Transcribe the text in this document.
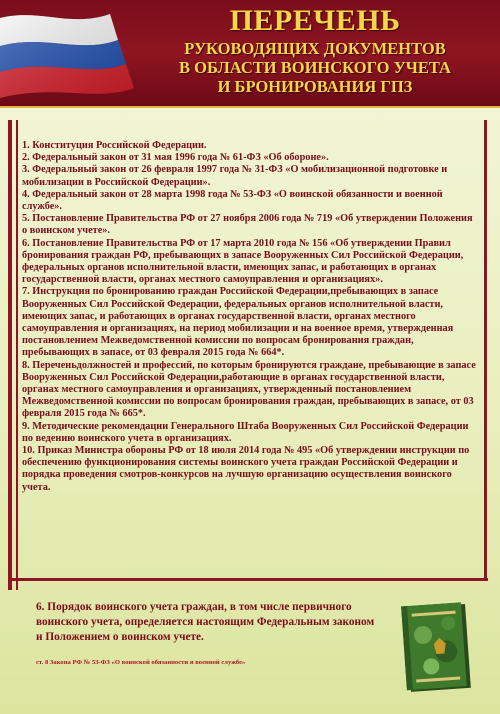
ПЕРЕЧЕНЬ
РУКОВОДЯЩИХ ДОКУМЕНТОВ
В ОБЛАСТИ ВОИНСКОГО УЧЕТА
И БРОНИРОВАНИЯ ГПЗ

1. Конституция Российской Федерации.

2. Федеральный закон от 31 мая 1996 года № 61-ФЗ «Об обороне».

3. Федеральный закон от 26 февраля 1997 года № 31-ФЗ «О мобилизационной подготовке и мобилизации в Российской Федерации».

4. Федеральный закон от 28 марта 1998 года № 53-ФЗ «О воинской обязанности и военной службе».

5. Постановление Правительства РФ от 27 ноября 2006 года № 719 «Об утверждении Положения о воинском учете».

6. Постановление Правительства РФ от 17 марта 2010 года № 156 «Об утверждении Правил бронирования граждан РФ, пребывающих в запасе Вооруженных Сил Российской Федерации, федеральных органов исполнительной власти, имеющих запас, и работающих в органах государственной власти, органах местного самоуправления и организациях».

7. Инструкция по бронированию граждан Российской Федерации,пребывающих в запасе Вооруженных Сил Российской Федерации, федеральных органов исполнительной власти, имеющих запас, и работающих в органах государственной власти, органах местного самоуправления и организациях, на период мобилизации и на военное время, утвержденная постановлением Межведомственной комиссии по вопросам бронирования граждан, пребывающих в запасе, от 03 февраля 2015 года № 664*.

8. Переченьдолжностей и профессий, по которым бронируются граждане, пребывающие в запасе Вооруженных Сил Российской Федерации,работающие в органах государственной власти, органах местного самоуправления и организациях, утвержденный постановлением Межведомственной комиссии по вопросам бронирования граждан, пребывающих в запасе, от 03 февраля 2015 года № 665*.

9. Методические рекомендации Генерального Штаба Вооруженных Сил Российской Федерации по ведению воинского учета в организациях.

10. Приказ Министра обороны РФ от 18 июля 2014 года № 495 «Об утверждении инструкции по обеспечению функционирования системы воинского учета граждан Российской Федерации и порядка проведения смотров-конкурсов на лучшую организацию осуществления воинского учета.

6. Порядок воинского учета граждан, в том числе первичного воинского учета, определяется настоящим Федеральным законом и Положением о воинском учете.
ст. 8 Закона РФ № 53-ФЗ «О воинской обязанности и военной службе»
